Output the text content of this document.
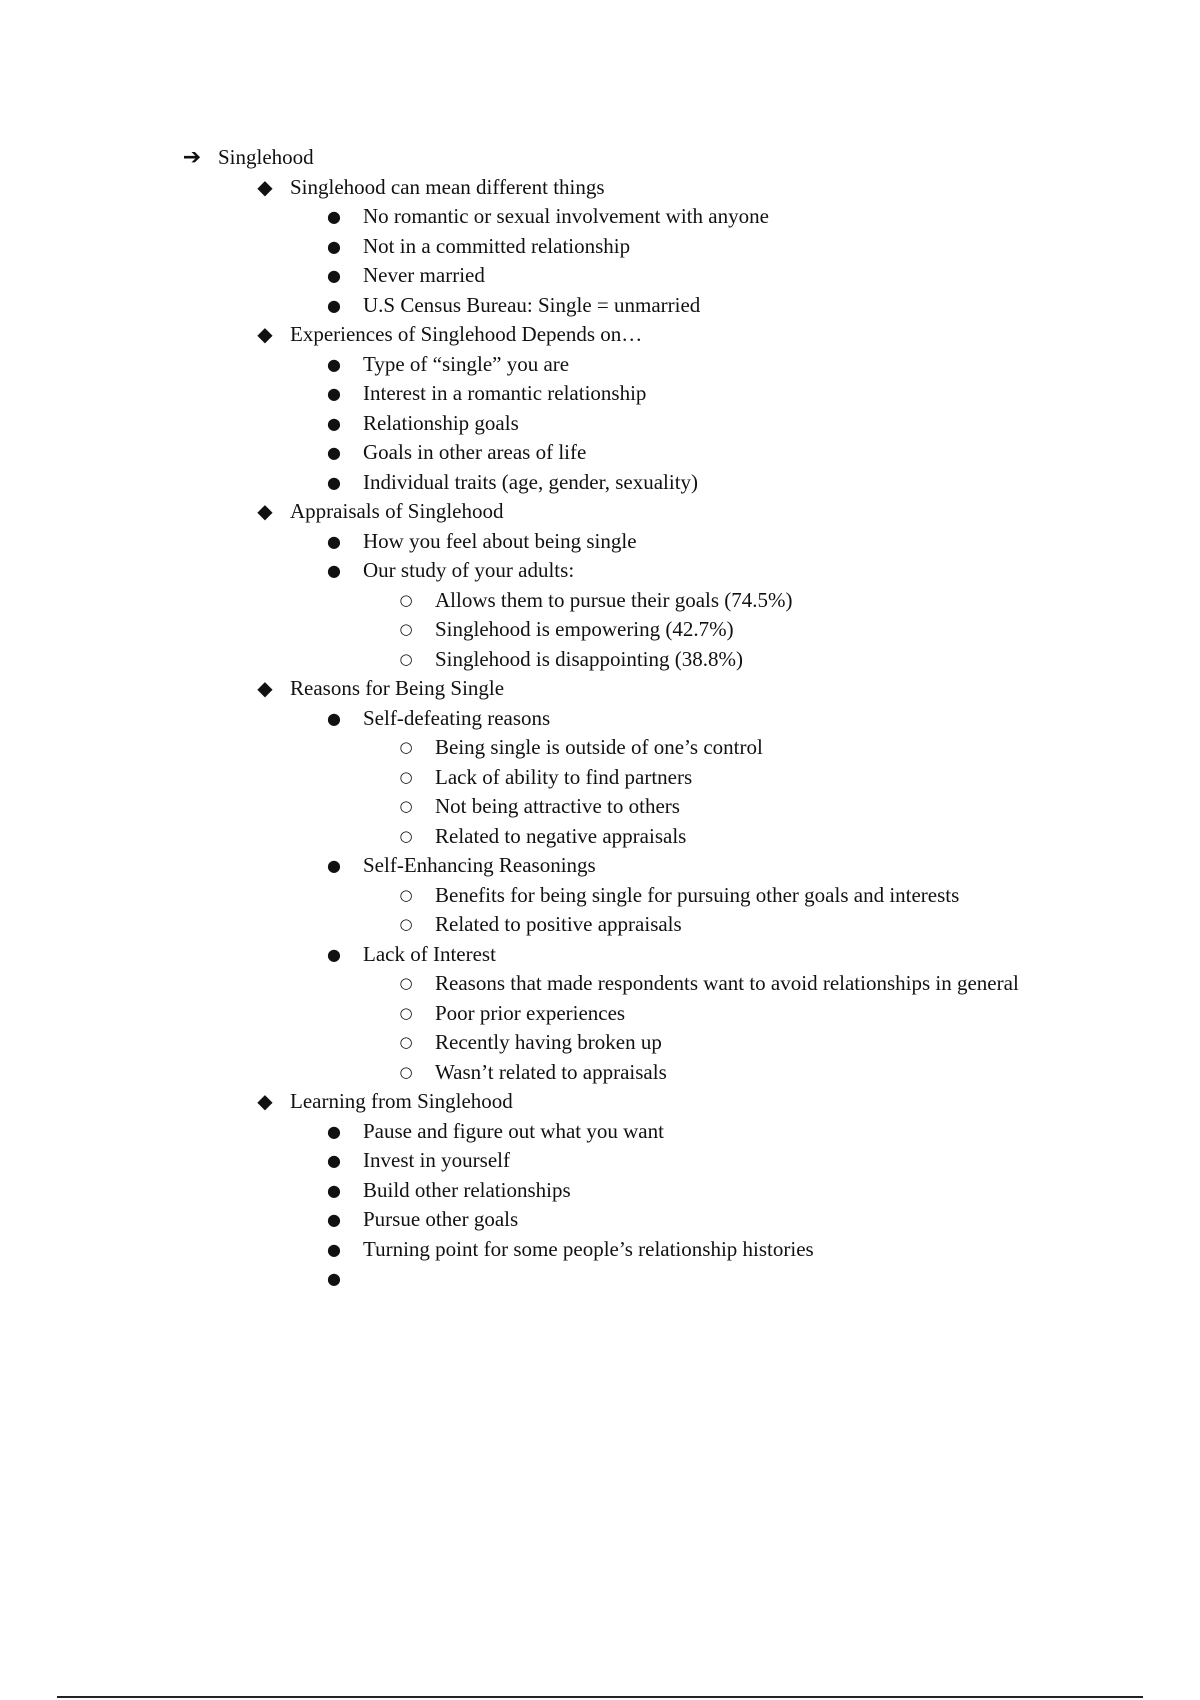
➔ Singlehood
◆ Singlehood can mean different things
● No romantic or sexual involvement with anyone
● Not in a committed relationship
● Never married
● U.S Census Bureau: Single = unmarried
◆ Experiences of Singlehood Depends on…
● Type of “single” you are
● Interest in a romantic relationship
● Relationship goals
● Goals in other areas of life
● Individual traits (age, gender, sexuality)
◆ Appraisals of Singlehood
● How you feel about being single
● Our study of your adults:
○ Allows them to pursue their goals (74.5%)
○ Singlehood is empowering (42.7%)
○ Singlehood is disappointing (38.8%)
◆ Reasons for Being Single
● Self-defeating reasons
○ Being single is outside of one’s control
○ Lack of ability to find partners
○ Not being attractive to others
○ Related to negative appraisals
● Self-Enhancing Reasonings
○ Benefits for being single for pursuing other goals and interests
○ Related to positive appraisals
● Lack of Interest
○ Reasons that made respondents want to avoid relationships in general
○ Poor prior experiences
○ Recently having broken up
○ Wasn’t related to appraisals
◆ Learning from Singlehood
● Pause and figure out what you want
● Invest in yourself
● Build other relationships
● Pursue other goals
● Turning point for some people’s relationship histories
●
